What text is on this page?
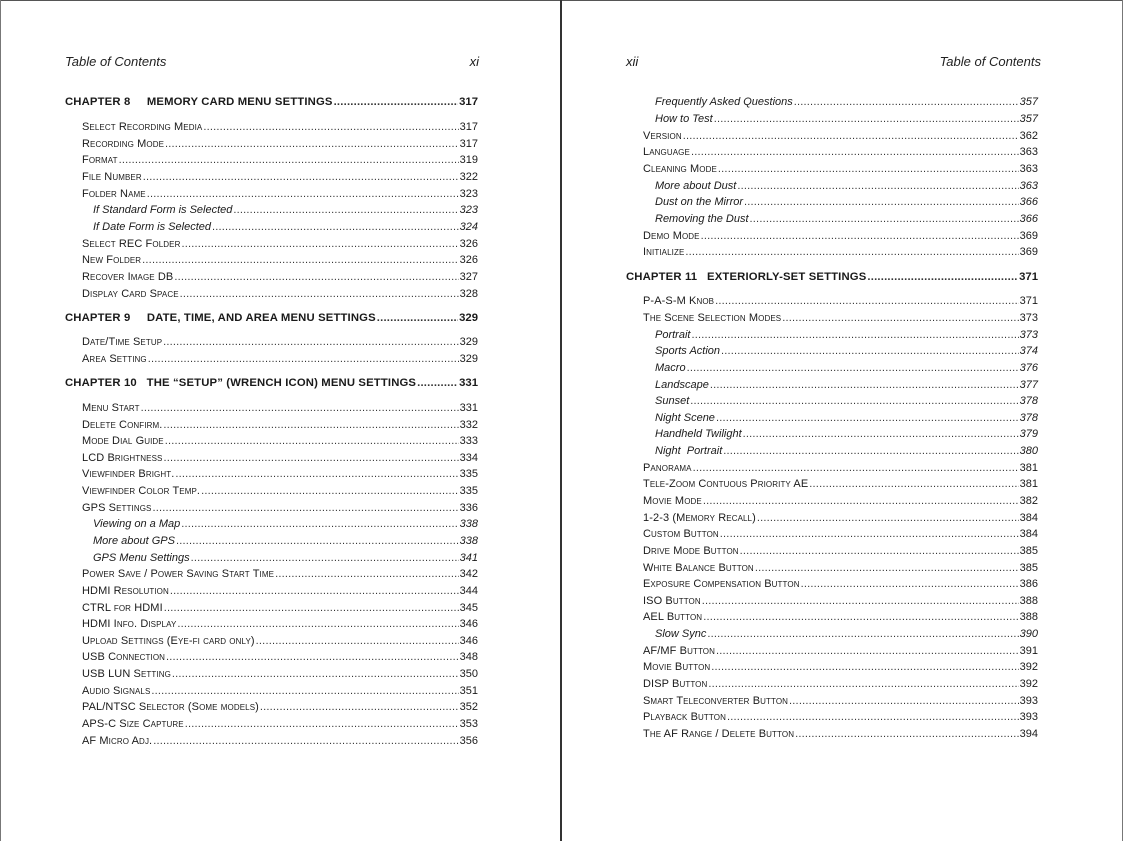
Table of Contents	xi
CHAPTER 8     MEMORY CARD MENU SETTINGS .....	317
Select Recording Media .....	317
Recording Mode .....	317
Format .....	319
File Number .....	322
Folder Name .....	323
If Standard Form is Selected .....	323
If Date Form is Selected .....	324
Select REC Folder .....	326
New Folder .....	326
Recover Image DB .....	327
Display Card Space .....	328
CHAPTER 9     DATE, TIME, AND AREA MENU SETTINGS .....	329
Date/Time Setup .....	329
Area Setting .....	329
CHAPTER 10   THE “SETUP” (WRENCH ICON) MENU SETTINGS .....	331
Menu Start .....	331
Delete Confirm. .....	332
Mode Dial Guide .....	333
LCD Brightness .....	334
Viewfinder Bright. .....	335
Viewfinder Color Temp. .....	335
GPS Settings .....	336
Viewing on a Map .....	338
More about GPS .....	338
GPS Menu Settings .....	341
Power Save / Power Saving Start Time .....	342
HDMI Resolution .....	344
CTRL for HDMI .....	345
HDMI Info. Display .....	346
Upload Settings (Eye-fi card only) .....	346
USB Connection .....	348
USB LUN Setting .....	350
Audio Signals .....	351
PAL/NTSC Selector (Some models) .....	352
APS-C Size Capture .....	353
AF Micro Adj. .....	356
xii	Table of Contents
Frequently Asked Questions .....	357
How to Test .....	357
Version .....	362
Language .....	363
Cleaning Mode .....	363
More about Dust .....	363
Dust on the Mirror .....	366
Removing the Dust .....	366
Demo Mode .....	369
Initialize .....	369
CHAPTER 11   EXTERIORLY-SET SETTINGS .....	371
P-A-S-M Knob .....	371
The Scene Selection Modes .....	373
Portrait .....	373
Sports Action .....	374
Macro .....	376
Landscape .....	377
Sunset .....	378
Night Scene .....	378
Handheld Twilight .....	379
Night  Portrait .....	380
Panorama .....	381
Tele-Zoom Contuous Priority AE .....	381
Movie Mode .....	382
1-2-3 (Memory Recall) .....	384
Custom Button .....	384
Drive Mode Button .....	385
White Balance Button .....	385
Exposure Compensation Button .....	386
ISO Button .....	388
AEL Button .....	388
Slow Sync .....	390
AF/MF Button .....	391
Movie Button .....	392
DISP Button .....	392
Smart Teleconverter Button .....	393
Playback Button .....	393
The AF Range / Delete Button .....	394
